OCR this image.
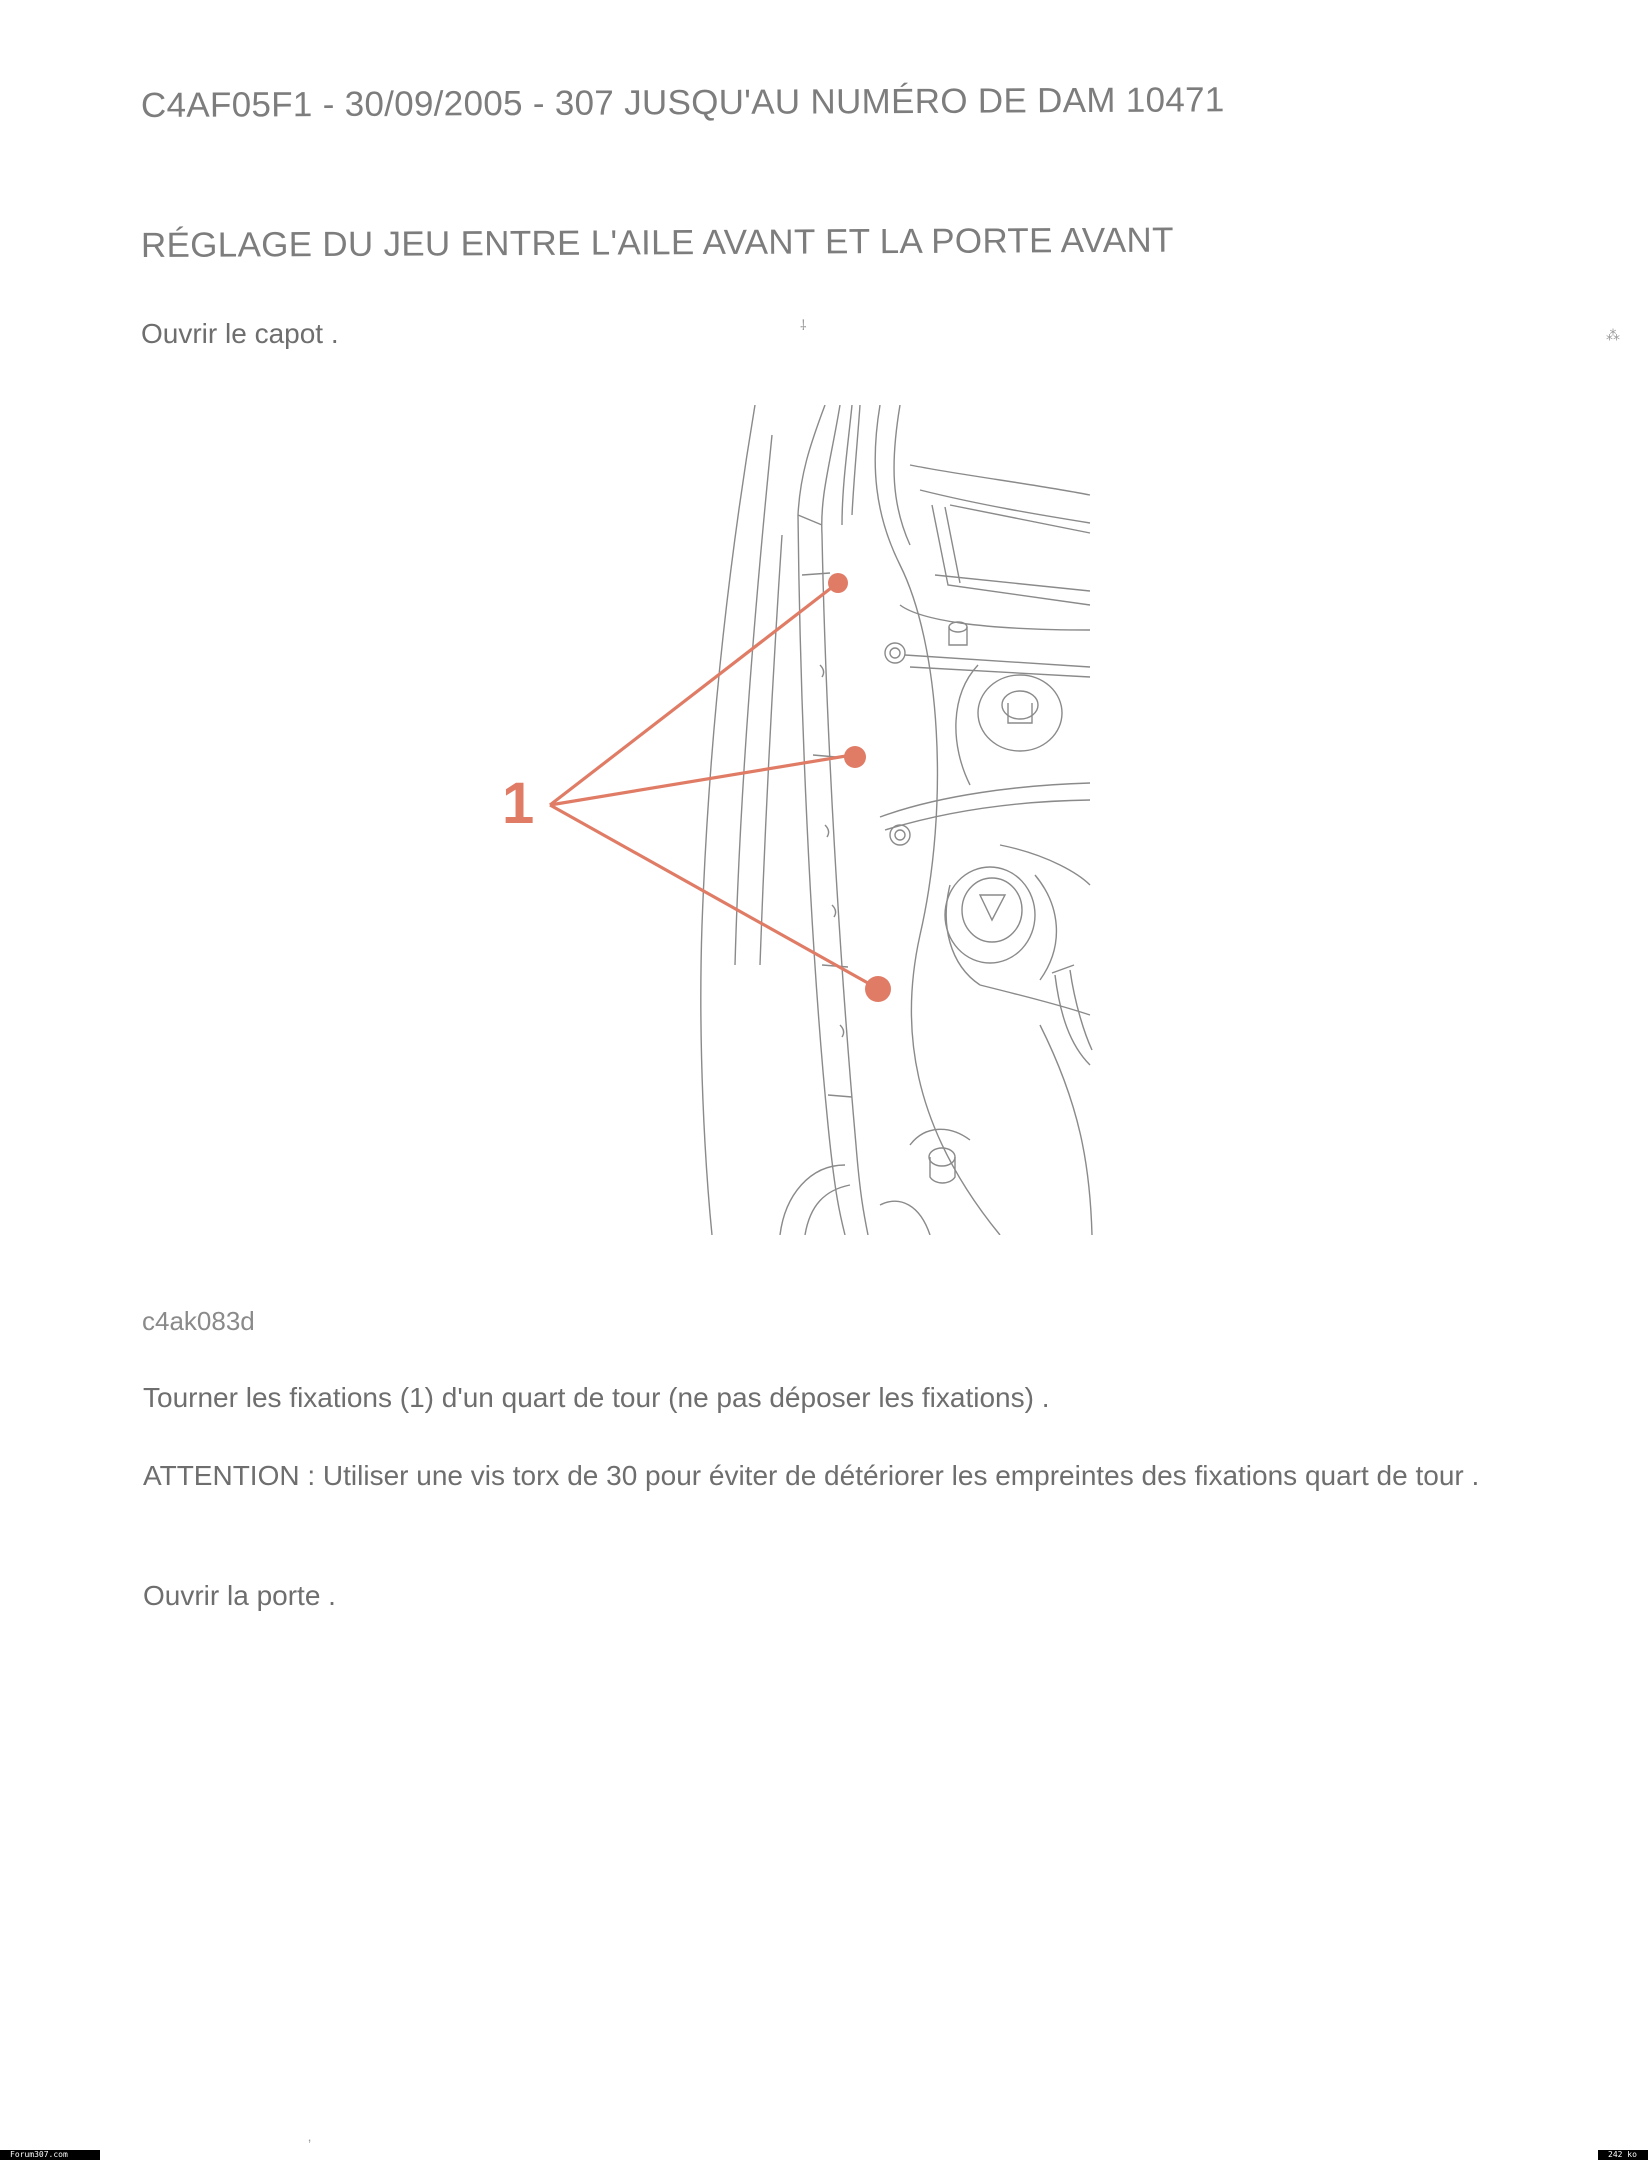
C4AF05F1 - 30/09/2005 - 307 JUSQU'AU NUMÉRO DE DAM 10471
RÉGLAGE DU JEU ENTRE L'AILE AVANT ET LA PORTE AVANT
Ouvrir le capot .
1
c4ak083d
Tourner les fixations (1) d'un quart de tour (ne pas déposer les fixations) .
ATTENTION : Utiliser une vis torx de 30 pour éviter de détériorer les empreintes des fixations quart de tour .
Ouvrir la porte .
⸸
⁂
‚
Forum307.com	242 ko
